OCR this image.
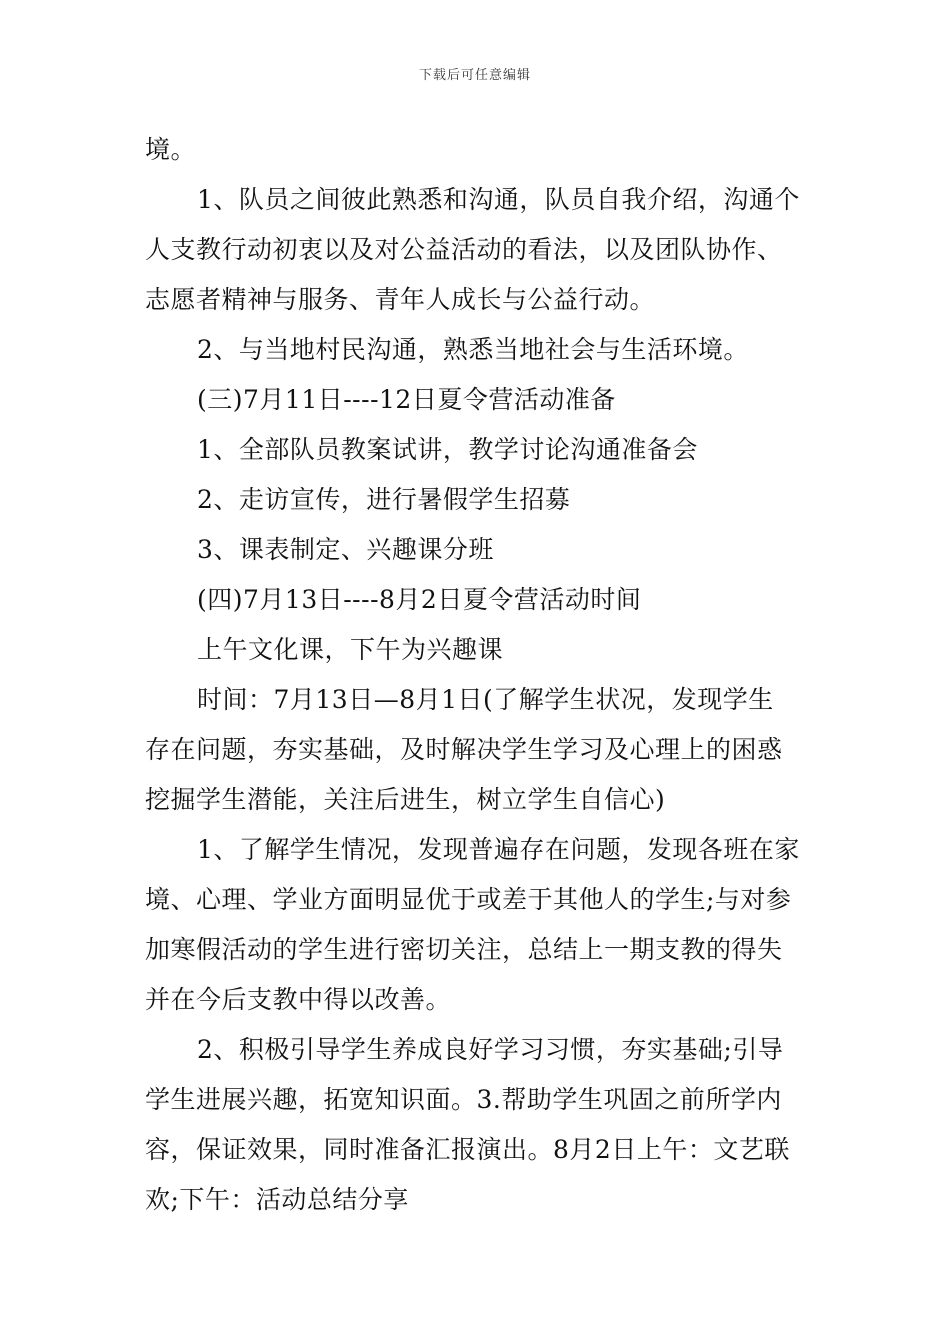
下载后可任意编辑
境。
1、队员之间彼此熟悉和沟通，队员自我介绍，沟通个
人支教行动初衷以及对公益活动的看法，以及团队协作、
志愿者精神与服务、青年人成长与公益行动。
2、与当地村民沟通，熟悉当地社会与生活环境。
(三)7月11日----12日夏令营活动准备
1、全部队员教案试讲，教学讨论沟通准备会
2、走访宣传，进行暑假学生招募
3、课表制定、兴趣课分班
(四)7月13日----8月2日夏令营活动时间
上午文化课，下午为兴趣课
时间：7月13日—8月1日(了解学生状况，发现学生
存在问题，夯实基础，及时解决学生学习及心理上的困惑
挖掘学生潜能，关注后进生，树立学生自信心)
1、了解学生情况，发现普遍存在问题，发现各班在家
境、心理、学业方面明显优于或差于其他人的学生;与对参
加寒假活动的学生进行密切关注，总结上一期支教的得失
并在今后支教中得以改善。
2、积极引导学生养成良好学习习惯，夯实基础;引导
学生进展兴趣，拓宽知识面。3.帮助学生巩固之前所学内
容，保证效果，同时准备汇报演出。8月2日上午：文艺联
欢;下午：活动总结分享
